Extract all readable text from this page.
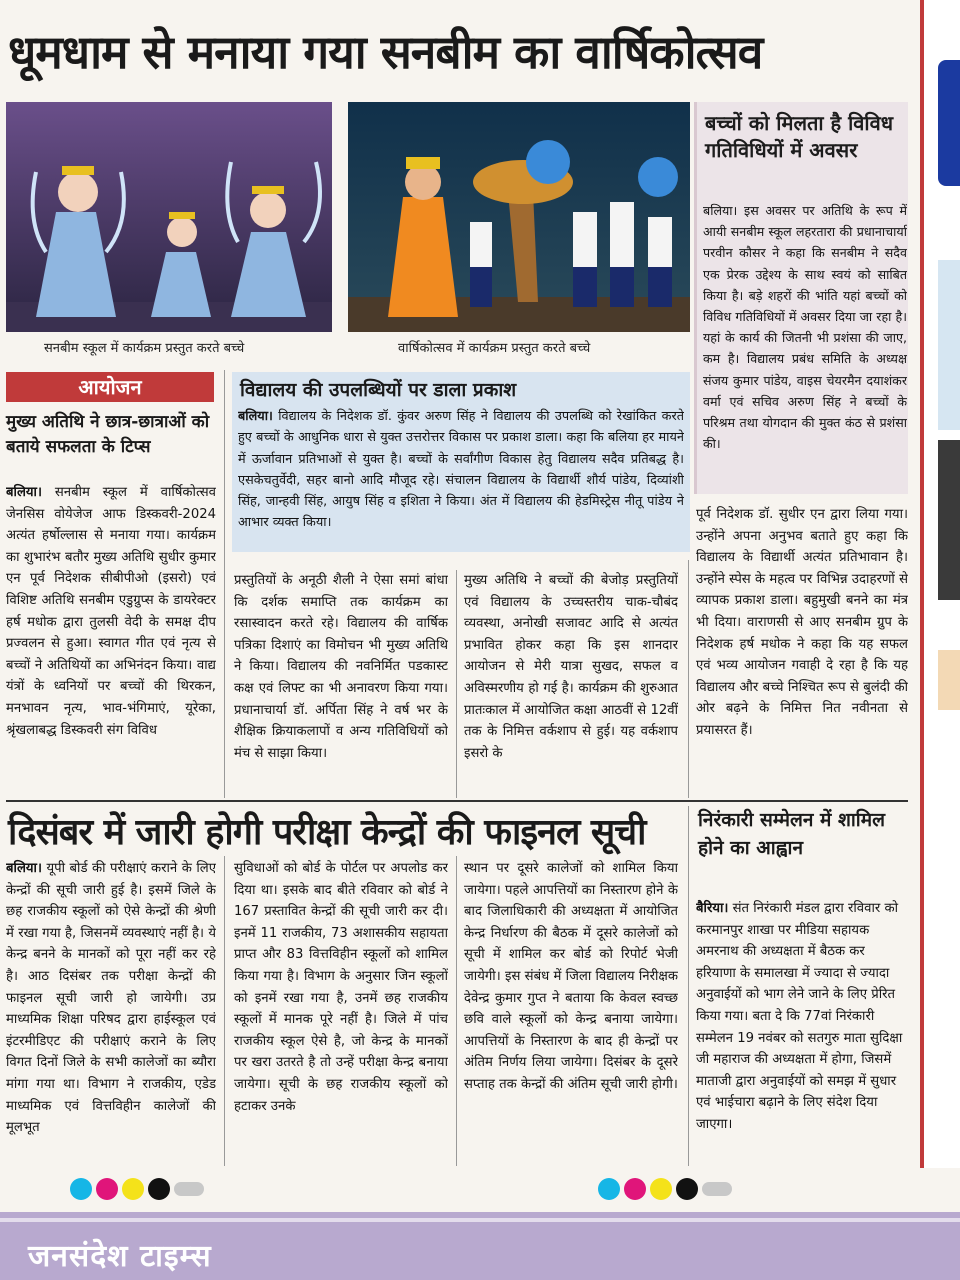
धूमधाम से मनाया गया सनबीम का वार्षिकोत्सव
सनबीम स्कूल में कार्यक्रम प्रस्तुत करते बच्चे	वार्षिकोत्सव में कार्यक्रम प्रस्तुत करते बच्चे
बच्चों को मिलता है विविध गतिविधियों में अवसर
बलिया। इस अवसर पर अतिथि के रूप में आयी सनबीम स्कूल लहरतारा की प्रधानाचार्या परवीन कौसर ने कहा कि सनबीम ने सदैव एक प्रेरक उद्देश्य के साथ स्वयं को साबित किया है। बड़े शहरों की भांति यहां बच्चों को विविध गतिविधियों में अवसर दिया जा रहा है। यहां के कार्य की जितनी भी प्रशंसा की जाए, कम है। विद्यालय प्रबंध समिति के अध्यक्ष संजय कुमार पांडेय, वाइस चेयरमैन दयाशंकर वर्मा एवं सचिव अरुण सिंह ने बच्चों के परिश्रम तथा योगदान की मुक्त कंठ से प्रशंसा की।
आयोजन
मुख्य अतिथि ने छात्र-छात्राओं को बताये सफलता के टिप्स
विद्यालय की उपलब्धियों पर डाला प्रकाश
बलिया। विद्यालय के निदेशक डॉ. कुंवर अरुण सिंह ने विद्यालय की उपलब्धि को रेखांकित करते हुए बच्चों के आधुनिक धारा से युक्त उत्तरोत्तर विकास पर प्रकाश डाला। कहा कि बलिया हर मायने में ऊर्जावान प्रतिभाओं से युक्त है। बच्चों के सर्वांगीण विकास हेतु विद्यालय सदैव प्रतिबद्ध है। एसकेचतुर्वेदी, सहर बानो आदि मौजूद रहे। संचालन विद्यालय के विद्यार्थी शौर्य पांडेय, दिव्यांशी सिंह, जान्हवी सिंह, आयुष सिंह व इशिता ने किया। अंत में विद्यालय की हेडमिस्ट्रेस नीतू पांडेय ने आभार व्यक्त किया।
बलिया। सनबीम स्कूल में वार्षिकोत्सव जेनसिस वोयेजेज आफ डिस्कवरी-2024 अत्यंत हर्षोल्लास से मनाया गया। कार्यक्रम का शुभारंभ बतौर मुख्य अतिथि सुधीर कुमार एन पूर्व निदेशक सीबीपीओ (इसरो) एवं विशिष्ट अतिथि सनबीम एडुग्रुप्स के डायरेक्टर हर्ष मधोक द्वारा तुलसी वेदी के समक्ष दीप प्रज्वलन से हुआ। स्वागत गीत एवं नृत्य से बच्चों ने अतिथियों का अभिनंदन किया। वाद्य यंत्रों के ध्वनियों पर बच्चों की थिरकन, मनभावन नृत्य, भाव-भंगिमाएं, यूरेका, श्रृंखलाबद्ध डिस्कवरी संग विविध
प्रस्तुतियों के अनूठी शैली ने ऐसा समां बांधा कि दर्शक समाप्ति तक कार्यक्रम का रसास्वादन करते रहे। विद्यालय की वार्षिक पत्रिका दिशाएं का विमोचन भी मुख्य अतिथि ने किया। विद्यालय की नवनिर्मित पडकास्ट कक्ष एवं लिफ्ट का भी अनावरण किया गया। प्रधानाचार्या डॉ. अर्पिता सिंह ने वर्ष भर के शैक्षिक क्रियाकलापों व अन्य गतिविधियों को मंच से साझा किया।
मुख्य अतिथि ने बच्चों की बेजोड़ प्रस्तुतियों एवं विद्यालय के उच्चस्तरीय चाक-चौबंद व्यवस्था, अनोखी सजावट आदि से अत्यंत प्रभावित होकर कहा कि इस शानदार आयोजन से मेरी यात्रा सुखद, सफल व अविस्मरणीय हो गई है। कार्यक्रम की शुरुआत प्रातःकाल में आयोजित कक्षा आठवीं से 12वीं तक के निमित्त वर्कशाप से हुई। यह वर्कशाप इसरो के
पूर्व निदेशक डॉ. सुधीर एन द्वारा लिया गया। उन्होंने अपना अनुभव बताते हुए कहा कि विद्यालय के विद्यार्थी अत्यंत प्रतिभावान है। उन्होंने स्पेस के महत्व पर विभिन्न उदाहरणों से व्यापक प्रकाश डाला। बहुमुखी बनने का मंत्र भी दिया। वाराणसी से आए सनबीम ग्रुप के निदेशक हर्ष मधोक ने कहा कि यह सफल एवं भव्य आयोजन गवाही दे रहा है कि यह विद्यालय और बच्चे निश्चित रूप से बुलंदी की ओर बढ़ने के निमित्त नित नवीनता से प्रयासरत हैं।
दिसंबर में जारी होगी परीक्षा केन्द्रों की फाइनल सूची
बलिया। यूपी बोर्ड की परीक्षाएं कराने के लिए केन्द्रों की सूची जारी हुई है। इसमें जिले के छह राजकीय स्कूलों को ऐसे केन्द्रों की श्रेणी में रखा गया है, जिसनमें व्यवस्थाएं नहीं है। ये केन्द्र बनने के मानकों को पूरा नहीं कर रहे है। आठ दिसंबर तक परीक्षा केन्द्रों की फाइनल सूची जारी हो जायेगी। उप्र माध्यमिक शिक्षा परिषद द्वारा हाईस्कूल एवं इंटरमीडिएट की परीक्षाएं कराने के लिए विगत दिनों जिले के सभी कालेजों का ब्यौरा मांगा गया था। विभाग ने राजकीय, एडेड माध्यमिक एवं वित्तविहीन कालेजों की मूलभूत
सुविधाओं को बोर्ड के पोर्टल पर अपलोड कर दिया था। इसके बाद बीते रविवार को बोर्ड ने 167 प्रस्तावित केन्द्रों की सूची जारी कर दी। इनमें 11 राजकीय, 73 अशासकीय सहायता प्राप्त और 83 वित्तविहीन स्कूलों को शामिल किया गया है। विभाग के अनुसार जिन स्कूलों को इनमें रखा गया है, उनमें छह राजकीय स्कूलों में मानक पूरे नहीं है। जिले में पांच राजकीय स्कूल ऐसे है, जो केन्द्र के मानकों पर खरा उतरते है तो उन्हें परीक्षा केन्द्र बनाया जायेगा। सूची के छह राजकीय स्कूलों को हटाकर उनके
स्थान पर दूसरे कालेजों को शामिल किया जायेगा। पहले आपत्तियों का निस्तारण होने के बाद जिलाधिकारी की अध्यक्षता में आयोजित केन्द्र निर्धारण की बैठक में दूसरे कालेजों को सूची में शामिल कर बोर्ड को रिपोर्ट भेजी जायेगी। इस संबंध में जिला विद्यालय निरीक्षक देवेन्द्र कुमार गुप्त ने बताया कि केवल स्वच्छ छवि वाले स्कूलों को केन्द्र बनाया जायेगा। आपत्तियों के निस्तारण के बाद ही केन्द्रों पर अंतिम निर्णय लिया जायेगा। दिसंबर के दूसरे सप्ताह तक केन्द्रों की अंतिम सूची जारी होगी।
निरंकारी सम्मेलन में शामिल होने का आह्वान
बैरिया। संत निरंकारी मंडल द्वारा रविवार को करमानपुर शाखा पर मीडिया सहायक अमरनाथ की अध्यक्षता में बैठक कर हरियाणा के समालखा में ज्यादा से ज्यादा अनुवाईयों को भाग लेने जाने के लिए प्रेरित किया गया। बता दे कि 77वां निरंकारी सम्मेलन 19 नवंबर को सतगुरु माता सुदिक्षा जी महाराज की अध्यक्षता में होगा, जिसमें माताजी द्वारा अनुवाईयों को समझ में सुधार एवं भाईचारा बढ़ाने के लिए संदेश दिया जाएगा।
जनसंदेश टाइम्स
